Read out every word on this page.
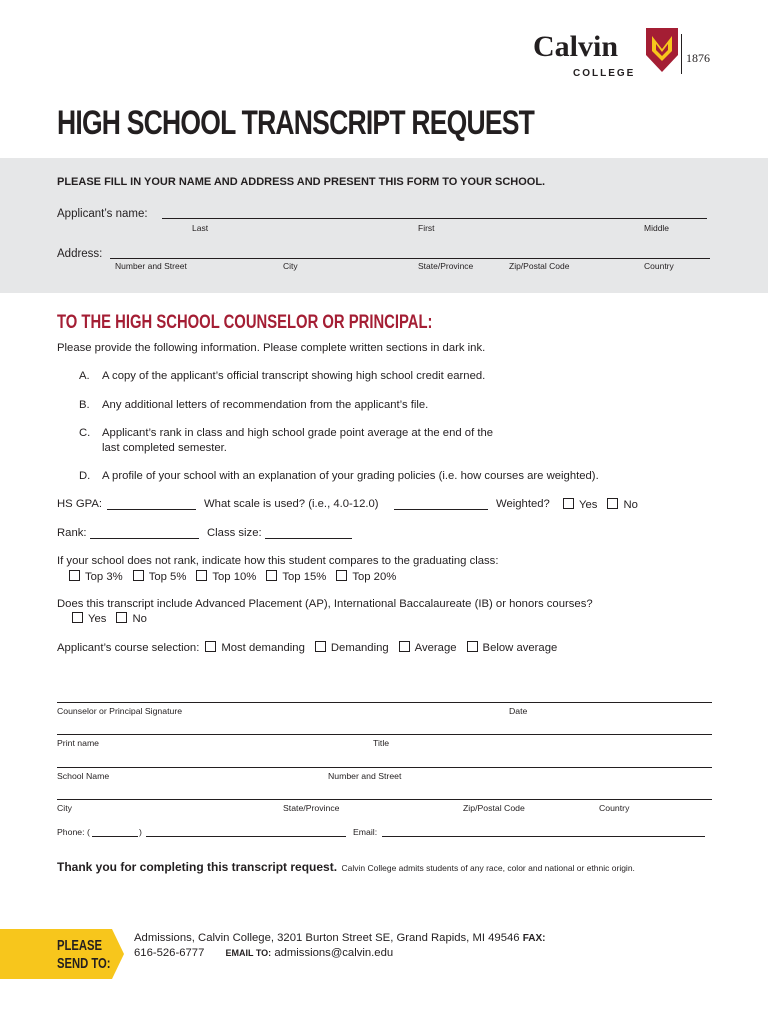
Calvin	1876
COLLEGE
HIGH SCHOOL TRANSCRIPT REQUEST
PLEASE FILL IN YOUR NAME AND ADDRESS AND PRESENT THIS FORM TO YOUR SCHOOL.
Applicant’s name:
Last	First	Middle
Address:
Number and Street	City	State/Province	Zip/Postal Code	Country
TO THE HIGH SCHOOL COUNSELOR OR PRINCIPAL:
Please provide the following information. Please complete written sections in dark ink.
A. A copy of the applicant’s official transcript showing high school credit earned.
B. Any additional letters of recommendation from the applicant’s file.
C. Applicant’s rank in class and high school grade point average at the end of the
last completed semester.
D. A profile of your school with an explanation of your grading policies (i.e. how courses are weighted).
HS GPA:	What scale is used? (i.e., 4.0-12.0)	Weighted?	Yes No
Rank:	Class size:
If your school does not rank, indicate how this student compares to the graduating class:
Top 3% Top 5% Top 10% Top 15% Top 20%
Does this transcript include Advanced Placement (AP), International Baccalaureate (IB) or honors courses?
Yes No
Applicant’s course selection: Most demanding Demanding Average Below average
Counselor or Principal Signature	Date
Print name	Title
School Name	Number and Street
City	State/Province	Zip/Postal Code	Country
Phone: (	)	Email:
Thank you for completing this transcript request. Calvin College admits students of any race, color and national or ethnic origin.
PLEASE
SEND TO:
Admissions, Calvin College, 3201 Burton Street SE, Grand Rapids, MI 49546 FAX:
616-526-6777 EMAIL TO: admissions@calvin.edu
